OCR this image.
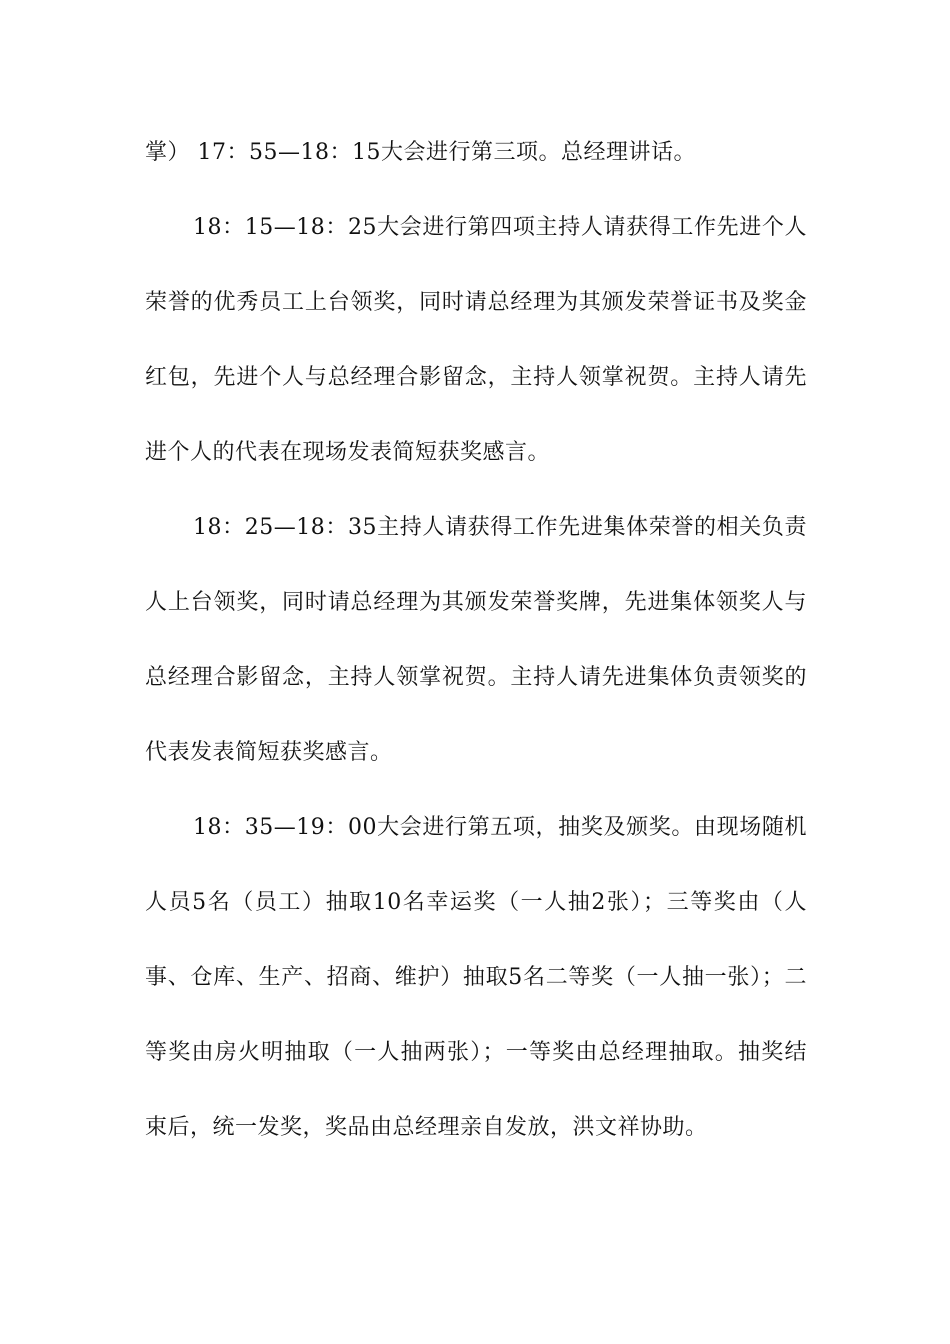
掌） 17：55—18：15大会进行第三项。总经理讲话。

18：15—18：25大会进行第四项主持人请获得工作先进个人荣誉的优秀员工上台领奖，同时请总经理为其颁发荣誉证书及奖金红包，先进个人与总经理合影留念，主持人领掌祝贺。主持人请先进个人的代表在现场发表简短获奖感言。

18：25—18：35主持人请获得工作先进集体荣誉的相关负责人上台领奖，同时请总经理为其颁发荣誉奖牌，先进集体领奖人与总经理合影留念，主持人领掌祝贺。主持人请先进集体负责领奖的代表发表简短获奖感言。

18：35—19：00大会进行第五项，抽奖及颁奖。由现场随机人员5名（员工）抽取10名幸运奖（一人抽2张）；三等奖由（人事、仓库、生产、招商、维护）抽取5名二等奖（一人抽一张）；二等奖由房火明抽取（一人抽两张）；一等奖由总经理抽取。抽奖结束后，统一发奖，奖品由总经理亲自发放，洪文祥协助。
